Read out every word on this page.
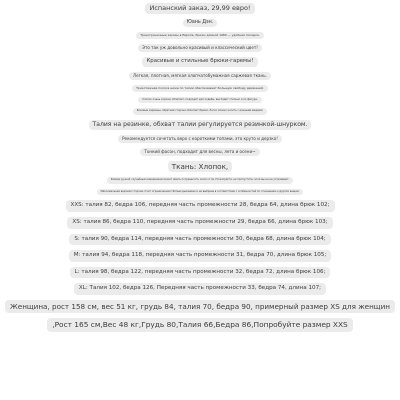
Испанский заказ, 29,99 евро!
Юань Дэн.
Трансграничные заказы в Европе, брюки длиной 1980 — удобная посадка.
Это так уж довольно красивый и классический цвет!
Красивые и стильные брюки-гаремы!
Легкая, плотная, мягкая хлопчатобумажная саржевая ткань.
Трикотажная полоса ниже по талии обеспечивает большую свободу движений.
Хлопок очень хорошо облегает, подходит для ходьбы, выглядит стильно и по фигуре.
Боковые карманы, обратная сторона облегает брюки, Легко можно носить с разными вещами.
Талия на резинке, обхват талии регулируется резинкой-шнурком.
Рекомендуется сочетать верх с короткими топами, это круто и дерзко!
Тонкий фасон, подходит для весны, лета и осени~
Ткань: Хлопок,
Размер ручной случайным измерением может иметь погрешность около 2 см. Пожалуйста, не пропустите, если вы не на устраивает.
Максимальная верхняя сторона стоит ограниченная тёплым дыханием и не выбрана в соответствии с особенностей по отношению к другим вещам.
XXS: талия 82, бедра 106, передняя часть промежности 28, бедра 64, длина брюк 102;
XS: талия 86, бедра 110, передняя часть промежности 29, бедра 66, длина брюк 103;
S: талия 90, бедра 114, передняя часть промежности 30, бедра 68, длина брюк 104;
M: талия 94, бедра 118, передняя часть промежности 31, бедра 70, длина брюк 105;
L: талия 98, бедра 122, передняя часть промежности 32, бедра 72, длина брюк 106;
XL: Талия 102, бедра 126, Передняя часть промежности 33, бедра 74, длина 107;
Женщина, рост 158 см, вес 51 кг, грудь 84, талия 70, бедра 90, примерный размер XS для женщин
,Рост 165 см,Вес 48 кг,Грудь 80,Талия 66,Бедра 86,Попробуйте размер XXS
